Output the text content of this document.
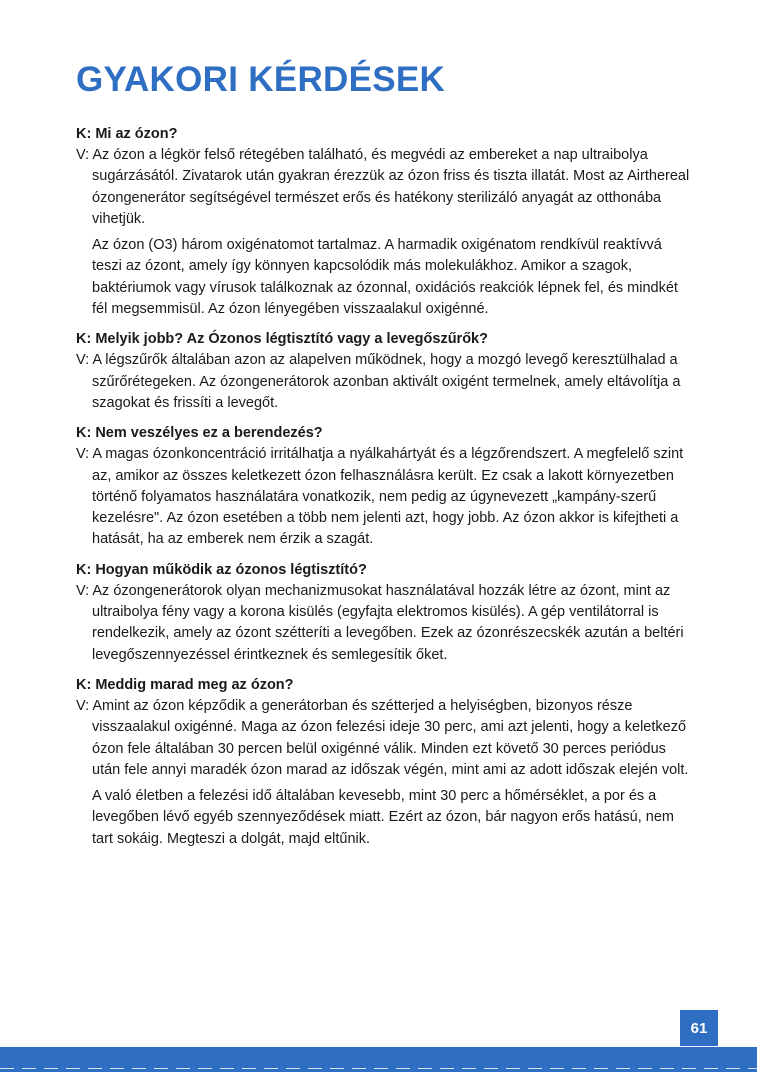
GYAKORI KÉRDÉSEK
K: Mi az ózon?
V: Az ózon a légkör felső rétegében található, és megvédi az embereket a nap ultraibolya sugárzásától. Zivatarok után gyakran érezzük az ózon friss és tiszta illatát. Most az Airthereal ózongenerátor segítségével természet erős és hatékony sterilizáló anyagát az otthonába vihetjük.
Az ózon (O3) három oxigénatomot tartalmaz. A harmadik oxigénatom rendkívül reaktívvá teszi az ózont, amely így könnyen kapcsolódik más molekulákhoz. Amikor a szagok, baktériumok vagy vírusok találkoznak az ózonnal, oxidációs reakciók lépnek fel, és mindkét fél megsemmisül. Az ózon lényegében visszaalakul oxigénné.
K: Melyik jobb? Az Ózonos légtisztító vagy a levegőszűrők?
V: A légszűrők általában azon az alapelven működnek, hogy a mozgó levegő keresztülhalad a szűrőrétegeken. Az ózongenerátorok azonban aktivált oxigént termelnek, amely eltávolítja a szagokat és frissíti a levegőt.
K: Nem veszélyes ez a berendezés?
V: A magas ózonkoncentráció irritálhatja a nyálkahártyát és a légzőrendszert. A megfelelő szint az, amikor az összes keletkezett ózon felhasználásra került. Ez csak a lakott környezetben történő folyamatos használatára vonatkozik, nem pedig az úgynevezett „kampány-szerű kezelésre". Az ózon esetében a több nem jelenti azt, hogy jobb. Az ózon akkor is kifejtheti a hatását, ha az emberek nem érzik a szagát.
K: Hogyan működik az ózonos légtisztító?
V: Az ózongenerátorok olyan mechanizmusokat használatával hozzák létre az ózont, mint az ultraibolya fény vagy a korona kisülés (egyfajta elektromos kisülés). A gép ventilátorral is rendelkezik, amely az ózont szétteríti a levegőben. Ezek az ózonrészecskék azután a beltéri levegőszennyezéssel érintkeznek és semlegesítik őket.
K: Meddig marad meg az ózon?
V: Amint az ózon képződik a generátorban és szétterjed a helyiségben, bizonyos része visszaalakul oxigénné. Maga az ózon felezési ideje 30 perc, ami azt jelenti, hogy a keletkező ózon fele általában 30 percen belül oxigénné válik. Minden ezt követő 30 perces periódus után fele annyi maradék ózon marad az időszak végén, mint ami az adott időszak elején volt.
A való életben a felezési idő általában kevesebb, mint 30 perc a hőmérséklet, a por és a levegőben lévő egyéb szennyeződések miatt. Ezért az ózon, bár nagyon erős hatású, nem tart sokáig. Megteszi a dolgát, majd eltűnik.
61
